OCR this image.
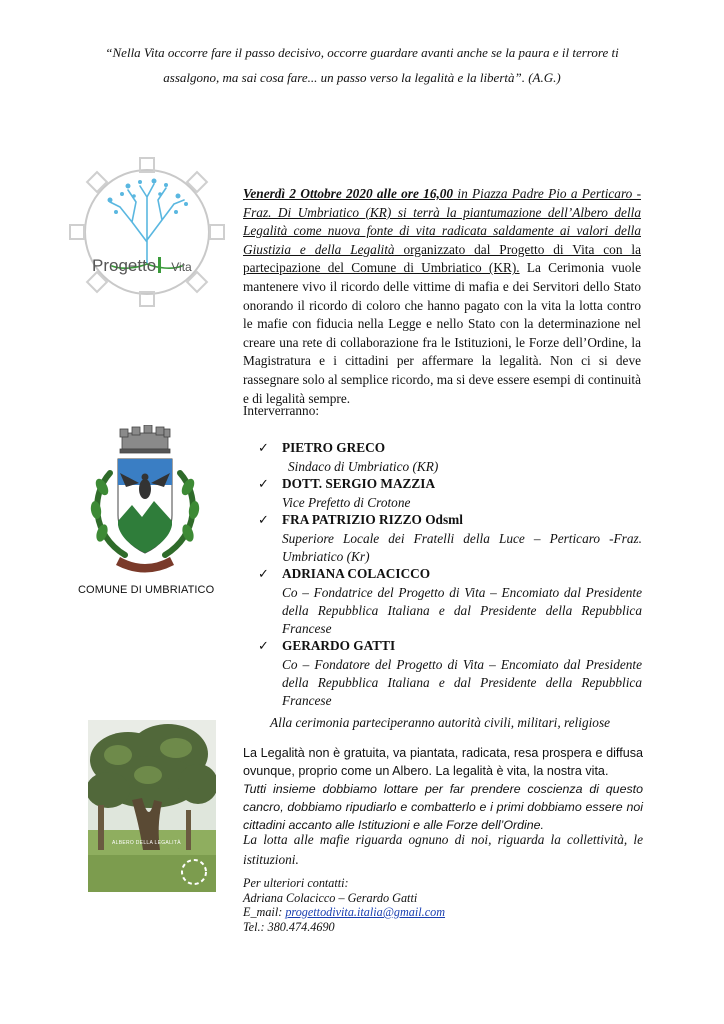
“Nella Vita occorre fare il passo decisivo, occorre guardare avanti anche se la paura e il terrore ti
assalgono, ma sai cosa fare... un passo verso la legalità e la libertà”. (A.G.)
Progetto Vita
Venerdì 2 Ottobre 2020 alle ore 16,00 in Piazza Padre Pio a Perticaro - Fraz. Di Umbriatico (KR) si terrà la piantumazione dell’Albero della Legalità come nuova fonte di vita radicata saldamente ai valori della Giustizia e della Legalità organizzato dal Progetto di Vita con la partecipazione del Comune di Umbriatico (KR). La Cerimonia vuole mantenere vivo il ricordo delle vittime di mafia e dei Servitori dello Stato onorando il ricordo di coloro che hanno pagato con la vita la lotta contro le mafie con fiducia nella Legge e nello Stato con la determinazione nel creare una rete di collaborazione fra le Istituzioni, le Forze dell’Ordine, la Magistratura e i cittadini per affermare la legalità. Non ci si deve rassegnare solo al semplice ricordo, ma si deve essere esempi di continuità e di legalità sempre.
Interverranno:
COMUNE DI UMBRIATICO
✓ PIETRO GRECO
Sindaco di Umbriatico (KR)
✓ DOTT. SERGIO MAZZIA
Vice Prefetto di Crotone
✓ FRA PATRIZIO RIZZO Odsml
Superiore Locale dei Fratelli della Luce – Perticaro -Fraz. Umbriatico (Kr)
✓ ADRIANA COLACICCO
Co – Fondatrice del Progetto di Vita – Encomiato dal Presidente della Repubblica Italiana e dal Presidente della Repubblica Francese
✓ GERARDO GATTI
Co – Fondatore del Progetto di Vita – Encomiato dal Presidente della Repubblica Italiana e dal Presidente della Repubblica Francese
Alla cerimonia parteciperanno autorità civili, militari, religiose
ALBERO DELLA LEGALITÀ
La Legalità non è gratuita, va piantata, radicata, resa prospera e diffusa ovunque, proprio come un Albero. La legalità è vita, la nostra vita.
Tutti insieme dobbiamo lottare per far prendere coscienza di questo cancro, dobbiamo ripudiarlo e combatterlo e i primi dobbiamo essere noi cittadini accanto alle Istituzioni e alle Forze dell’Ordine.
La lotta alle mafie riguarda ognuno di noi, riguarda la collettività, le istituzioni.
Per ulteriori contatti:
Adriana Colacicco – Gerardo Gatti
E_mail: progettodivita.italia@gmail.com
Tel.: 380.474.4690
